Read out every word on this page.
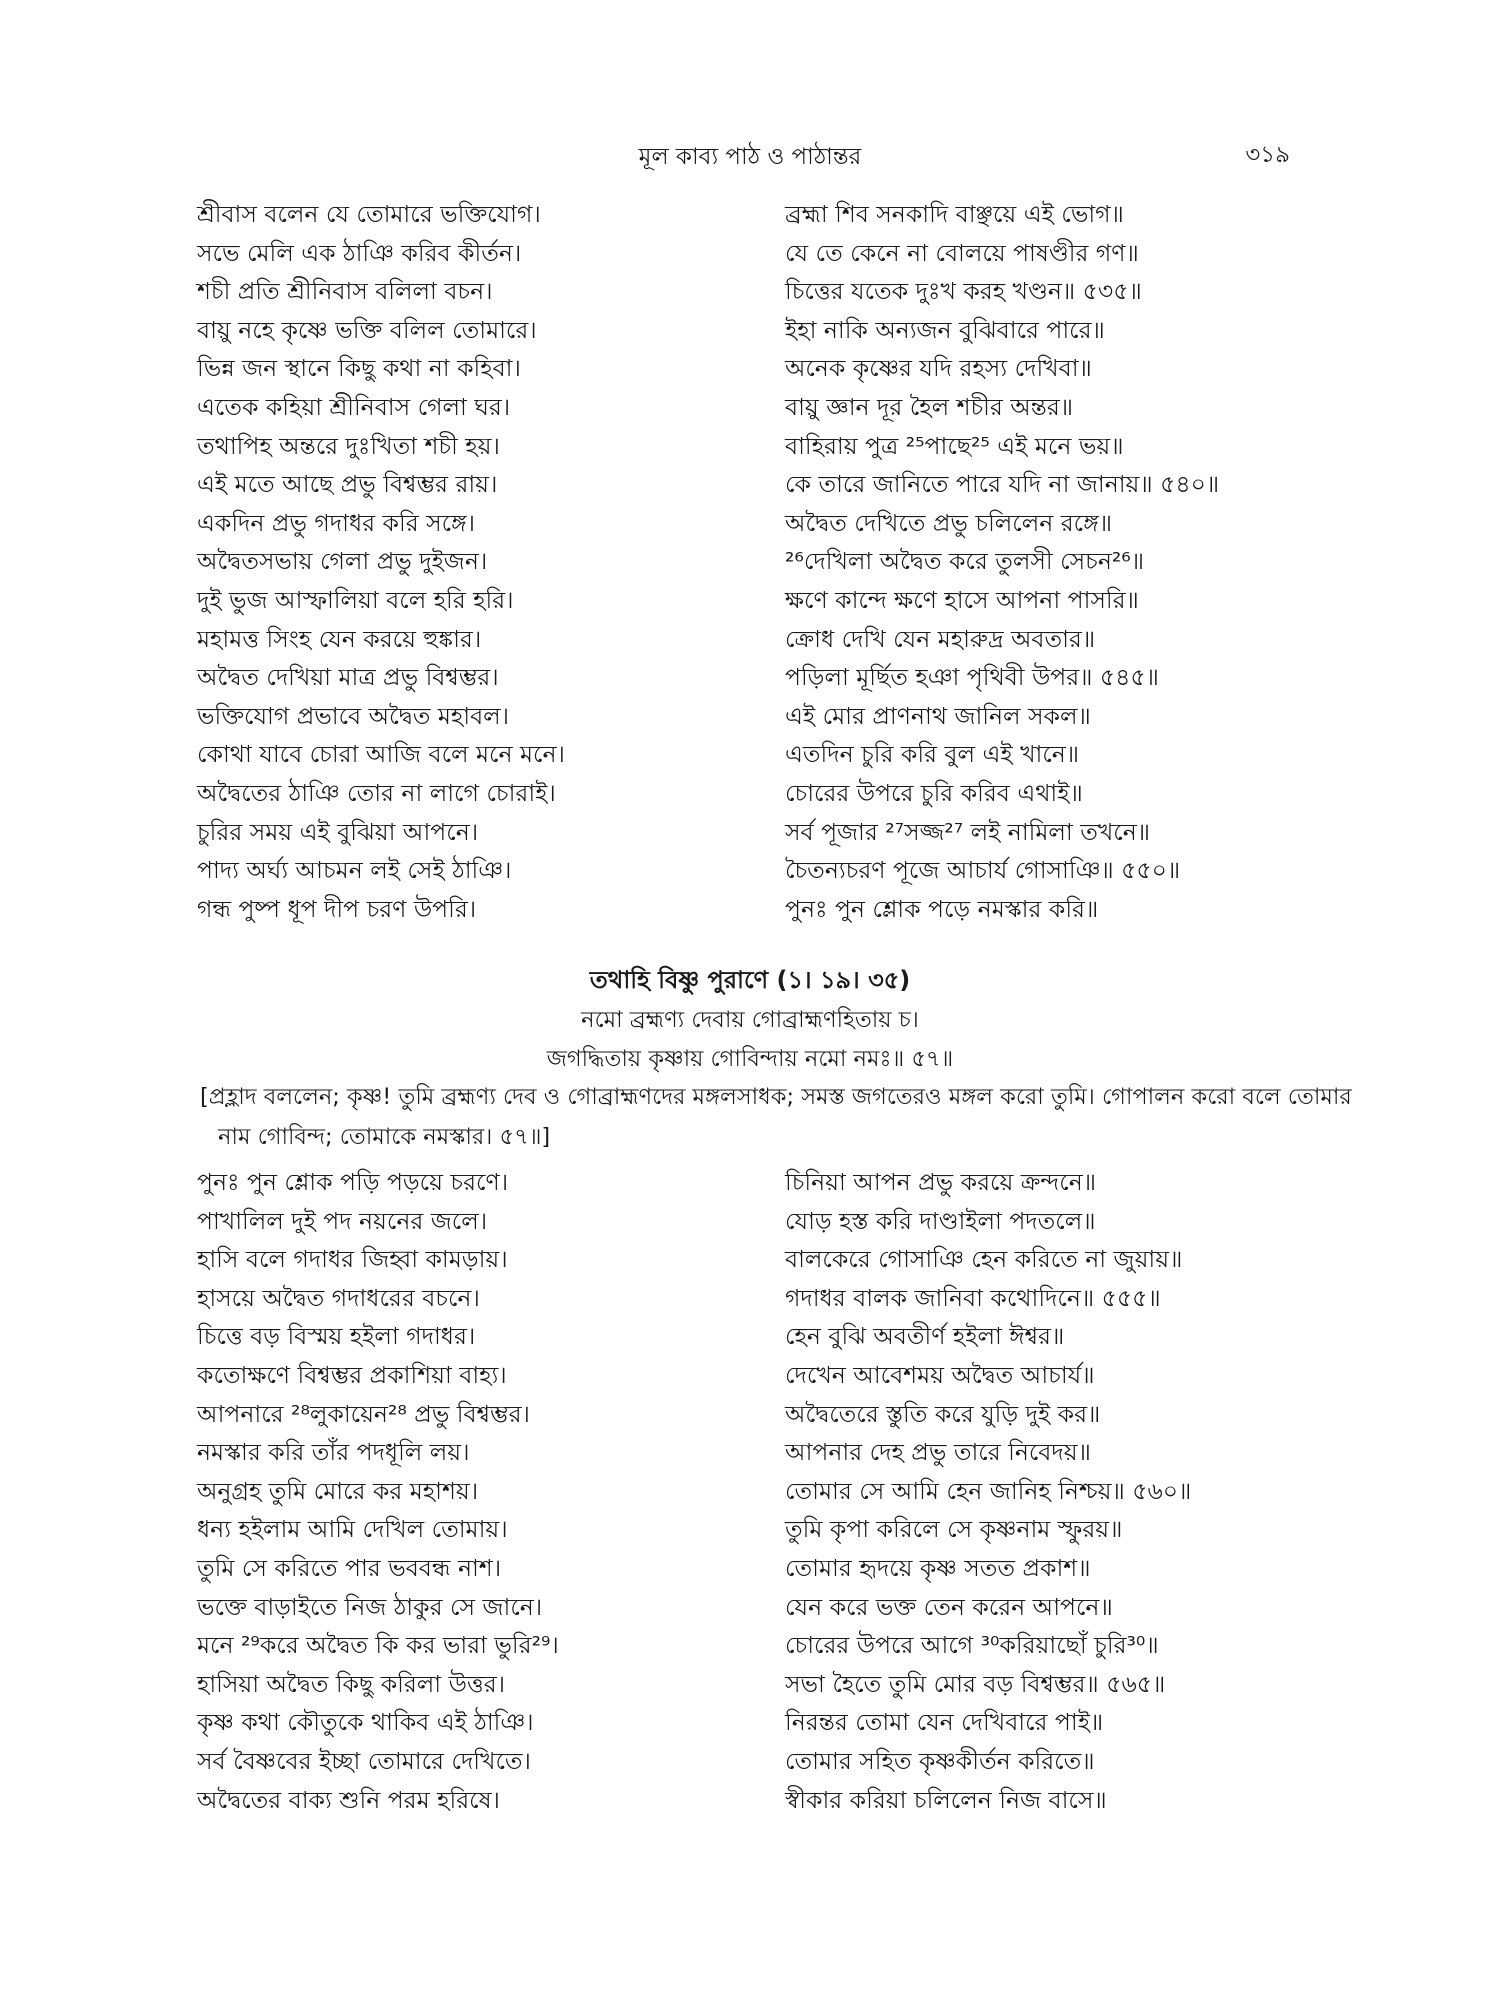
মূল কাব্য পাঠ ও পাঠান্তর	৩১৯
শ্রীবাস বলেন যে তোমারে ভক্তিযোগ।	ব্রহ্মা শিব সনকাদি বাঞ্ছয়ে এই ভোগ॥
সভে মেলি এক ঠাঞি করিব কীর্তন।	যে তে কেনে না বোলয়ে পাষণ্ডীর গণ॥
শচী প্রতি শ্রীনিবাস বলিলা বচন।	চিত্তের যতেক দুঃখ করহ খণ্ডন॥ ৫৩৫॥
বায়ু নহে কৃষ্ণে ভক্তি বলিল তোমারে।	ইহা নাকি অন্যজন বুঝিবারে পারে॥
ভিন্ন জন স্থানে কিছু কথা না কহিবা।	অনেক কৃষ্ণের যদি রহস্য দেখিবা॥
এতেক কহিয়া শ্রীনিবাস গেলা ঘর।	বায়ু জ্ঞান দূর হৈল শচীর অন্তর॥
তথাপিহ অন্তরে দুঃখিতা শচী হয়।	বাহিরায় পুত্র ²⁵পাছে²⁵ এই মনে ভয়॥
এই মতে আছে প্রভু বিশ্বম্ভর রায়।	কে তারে জানিতে পারে যদি না জানায়॥ ৫৪০॥
একদিন প্রভু গদাধর করি সঙ্গে।	অদ্বৈত দেখিতে প্রভু চলিলেন রঙ্গে॥
অদ্বৈতসভায় গেলা প্রভু দুইজন।	²⁶দেখিলা অদ্বৈত করে তুলসী সেচন²⁶॥
দুই ভুজ আস্ফালিয়া বলে হরি হরি।	ক্ষণে কান্দে ক্ষণে হাসে আপনা পাসরি॥
মহামত্ত সিংহ যেন করয়ে হুঙ্কার।	ক্রোধ দেখি যেন মহারুদ্র অবতার॥
অদ্বৈত দেখিয়া মাত্র প্রভু বিশ্বম্ভর।	পড়িলা মূর্ছিত হঞা পৃথিবী উপর॥ ৫৪৫॥
ভক্তিযোগ প্রভাবে অদ্বৈত মহাবল।	এই মোর প্রাণনাথ জানিল সকল॥
কোথা যাবে চোরা আজি বলে মনে মনে।	এতদিন চুরি করি বুল এই খানে॥
অদ্বৈতের ঠাঞি তোর না লাগে চোরাই।	চোরের উপরে চুরি করিব এথাই॥
চুরির সময় এই বুঝিয়া আপনে।	সর্ব পূজার ²⁷সজ্জ²⁷ লই নামিলা তখনে॥
পাদ্য অর্ঘ্য আচমন লই সেই ঠাঞি।	চৈতন্যচরণ পূজে আচার্য গোসাঞি॥ ৫৫০॥
গন্ধ পুষ্প ধূপ দীপ চরণ উপরি।	পুনঃ পুন শ্লোক পড়ে নমস্কার করি॥
তথাহি বিষ্ণু পুরাণে (১। ১৯। ৩৫)
নমো ব্রহ্মণ্য দেবায় গোব্রাহ্মণহিতায় চ।
জগদ্ধিতায় কৃষ্ণায় গোবিন্দায় নমো নমঃ॥ ৫৭॥
[প্রহ্লাদ বললেন; কৃষ্ণ! তুমি ব্রহ্মণ্য দেব ও গোব্রাহ্মণদের মঙ্গলসাধক; সমস্ত জগতেরও মঙ্গল করো তুমি। গোপালন করো বলে তোমার নাম গোবিন্দ; তোমাকে নমস্কার। ৫৭॥]
পুনঃ পুন শ্লোক পড়ি পড়য়ে চরণে।	চিনিয়া আপন প্রভু করয়ে ক্রন্দনে॥
পাখালিল দুই পদ নয়নের জলে।	যোড় হস্ত করি দাণ্ডাইলা পদতলে॥
হাসি বলে গদাধর জিহ্বা কামড়ায়।	বালকেরে গোসাঞি হেন করিতে না জুয়ায়॥
হাসয়ে অদ্বৈত গদাধরের বচনে।	গদাধর বালক জানিবা কথোদিনে॥ ৫৫৫॥
চিত্তে বড় বিস্ময় হইলা গদাধর।	হেন বুঝি অবতীর্ণ হইলা ঈশ্বর॥
কতোক্ষণে বিশ্বম্ভর প্রকাশিয়া বাহ্য।	দেখেন আবেশময় অদ্বৈত আচার্য॥
আপনারে ²⁸লুকায়েন²⁸ প্রভু বিশ্বম্ভর।	অদ্বৈতেরে স্তুতি করে যুড়ি দুই কর॥
নমস্কার করি তাঁর পদধূলি লয়।	আপনার দেহ প্রভু তারে নিবেদয়॥
অনুগ্রহ তুমি মোরে কর মহাশয়।	তোমার সে আমি হেন জানিহ নিশ্চয়॥ ৫৬০॥
ধন্য হইলাম আমি দেখিল তোমায়।	তুমি কৃপা করিলে সে কৃষ্ণনাম স্ফুরয়॥
তুমি সে করিতে পার ভববন্ধ নাশ।	তোমার হৃদয়ে কৃষ্ণ সতত প্রকাশ॥
ভক্তে বাড়াইতে নিজ ঠাকুর সে জানে।	যেন করে ভক্ত তেন করেন আপনে॥
মনে ²⁹করে অদ্বৈত কি কর ভারা ভুরি²⁹।	চোরের উপরে আগে ³⁰করিয়াছোঁ চুরি³⁰॥
হাসিয়া অদ্বৈত কিছু করিলা উত্তর।	সভা হৈতে তুমি মোর বড় বিশ্বম্ভর॥ ৫৬৫॥
কৃষ্ণ কথা কৌতুকে থাকিব এই ঠাঞি।	নিরন্তর তোমা যেন দেখিবারে পাই॥
সর্ব বৈষ্ণবের ইচ্ছা তোমারে দেখিতে।	তোমার সহিত কৃষ্ণকীর্তন করিতে॥
অদ্বৈতের বাক্য শুনি পরম হরিষে।	স্বীকার করিয়া চলিলেন নিজ বাসে॥
